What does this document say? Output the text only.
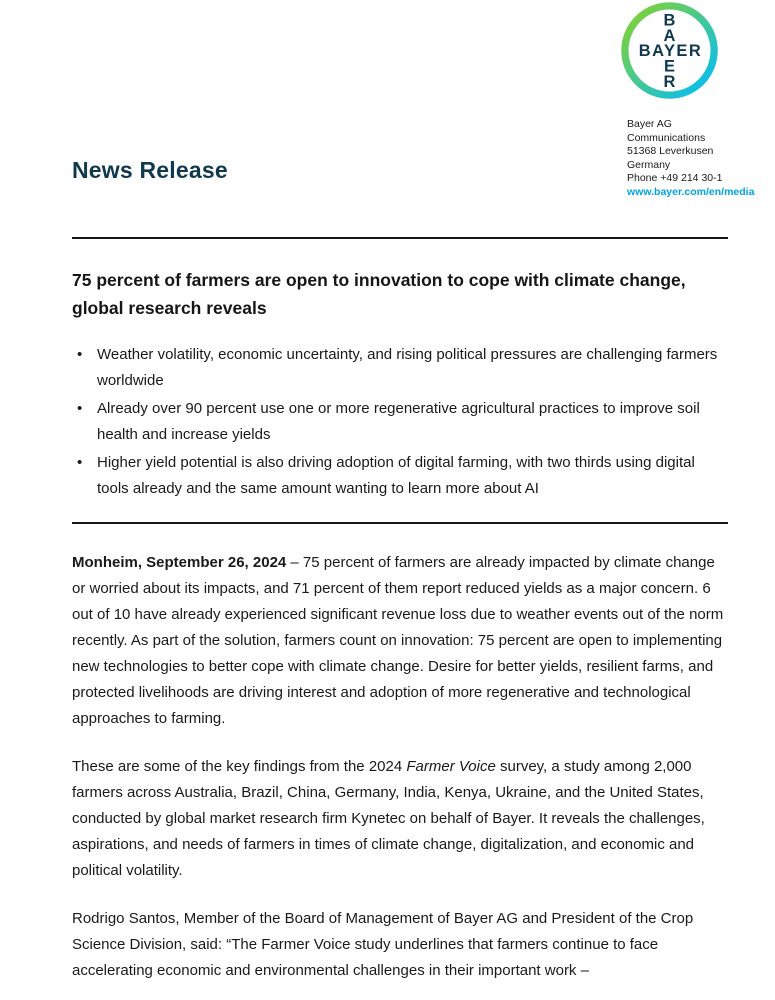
B
A
BAYER
E
R
Bayer AG
Communications
51368 Leverkusen
Germany
Phone +49 214 30-1
www.bayer.com/en/media
News Release
75 percent of farmers are open to innovation to cope with climate change, global research reveals
• Weather volatility, economic uncertainty, and rising political pressures are challenging farmers worldwide
• Already over 90 percent use one or more regenerative agricultural practices to improve soil health and increase yields
• Higher yield potential is also driving adoption of digital farming, with two thirds using digital tools already and the same amount wanting to learn more about AI

Monheim, September 26, 2024 – 75 percent of farmers are already impacted by climate change or worried about its impacts, and 71 percent of them report reduced yields as a major concern. 6 out of 10 have already experienced significant revenue loss due to weather events out of the norm recently. As part of the solution, farmers count on innovation: 75 percent are open to implementing new technologies to better cope with climate change. Desire for better yields, resilient farms, and protected livelihoods are driving interest and adoption of more regenerative and technological approaches to farming.

These are some of the key findings from the 2024 Farmer Voice survey, a study among 2,000 farmers across Australia, Brazil, China, Germany, India, Kenya, Ukraine, and the United States, conducted by global market research firm Kynetec on behalf of Bayer. It reveals the challenges, aspirations, and needs of farmers in times of climate change, digitalization, and economic and political volatility.

Rodrigo Santos, Member of the Board of Management of Bayer AG and President of the Crop Science Division, said: “The Farmer Voice study underlines that farmers continue to face accelerating economic and environmental challenges in their important work –
